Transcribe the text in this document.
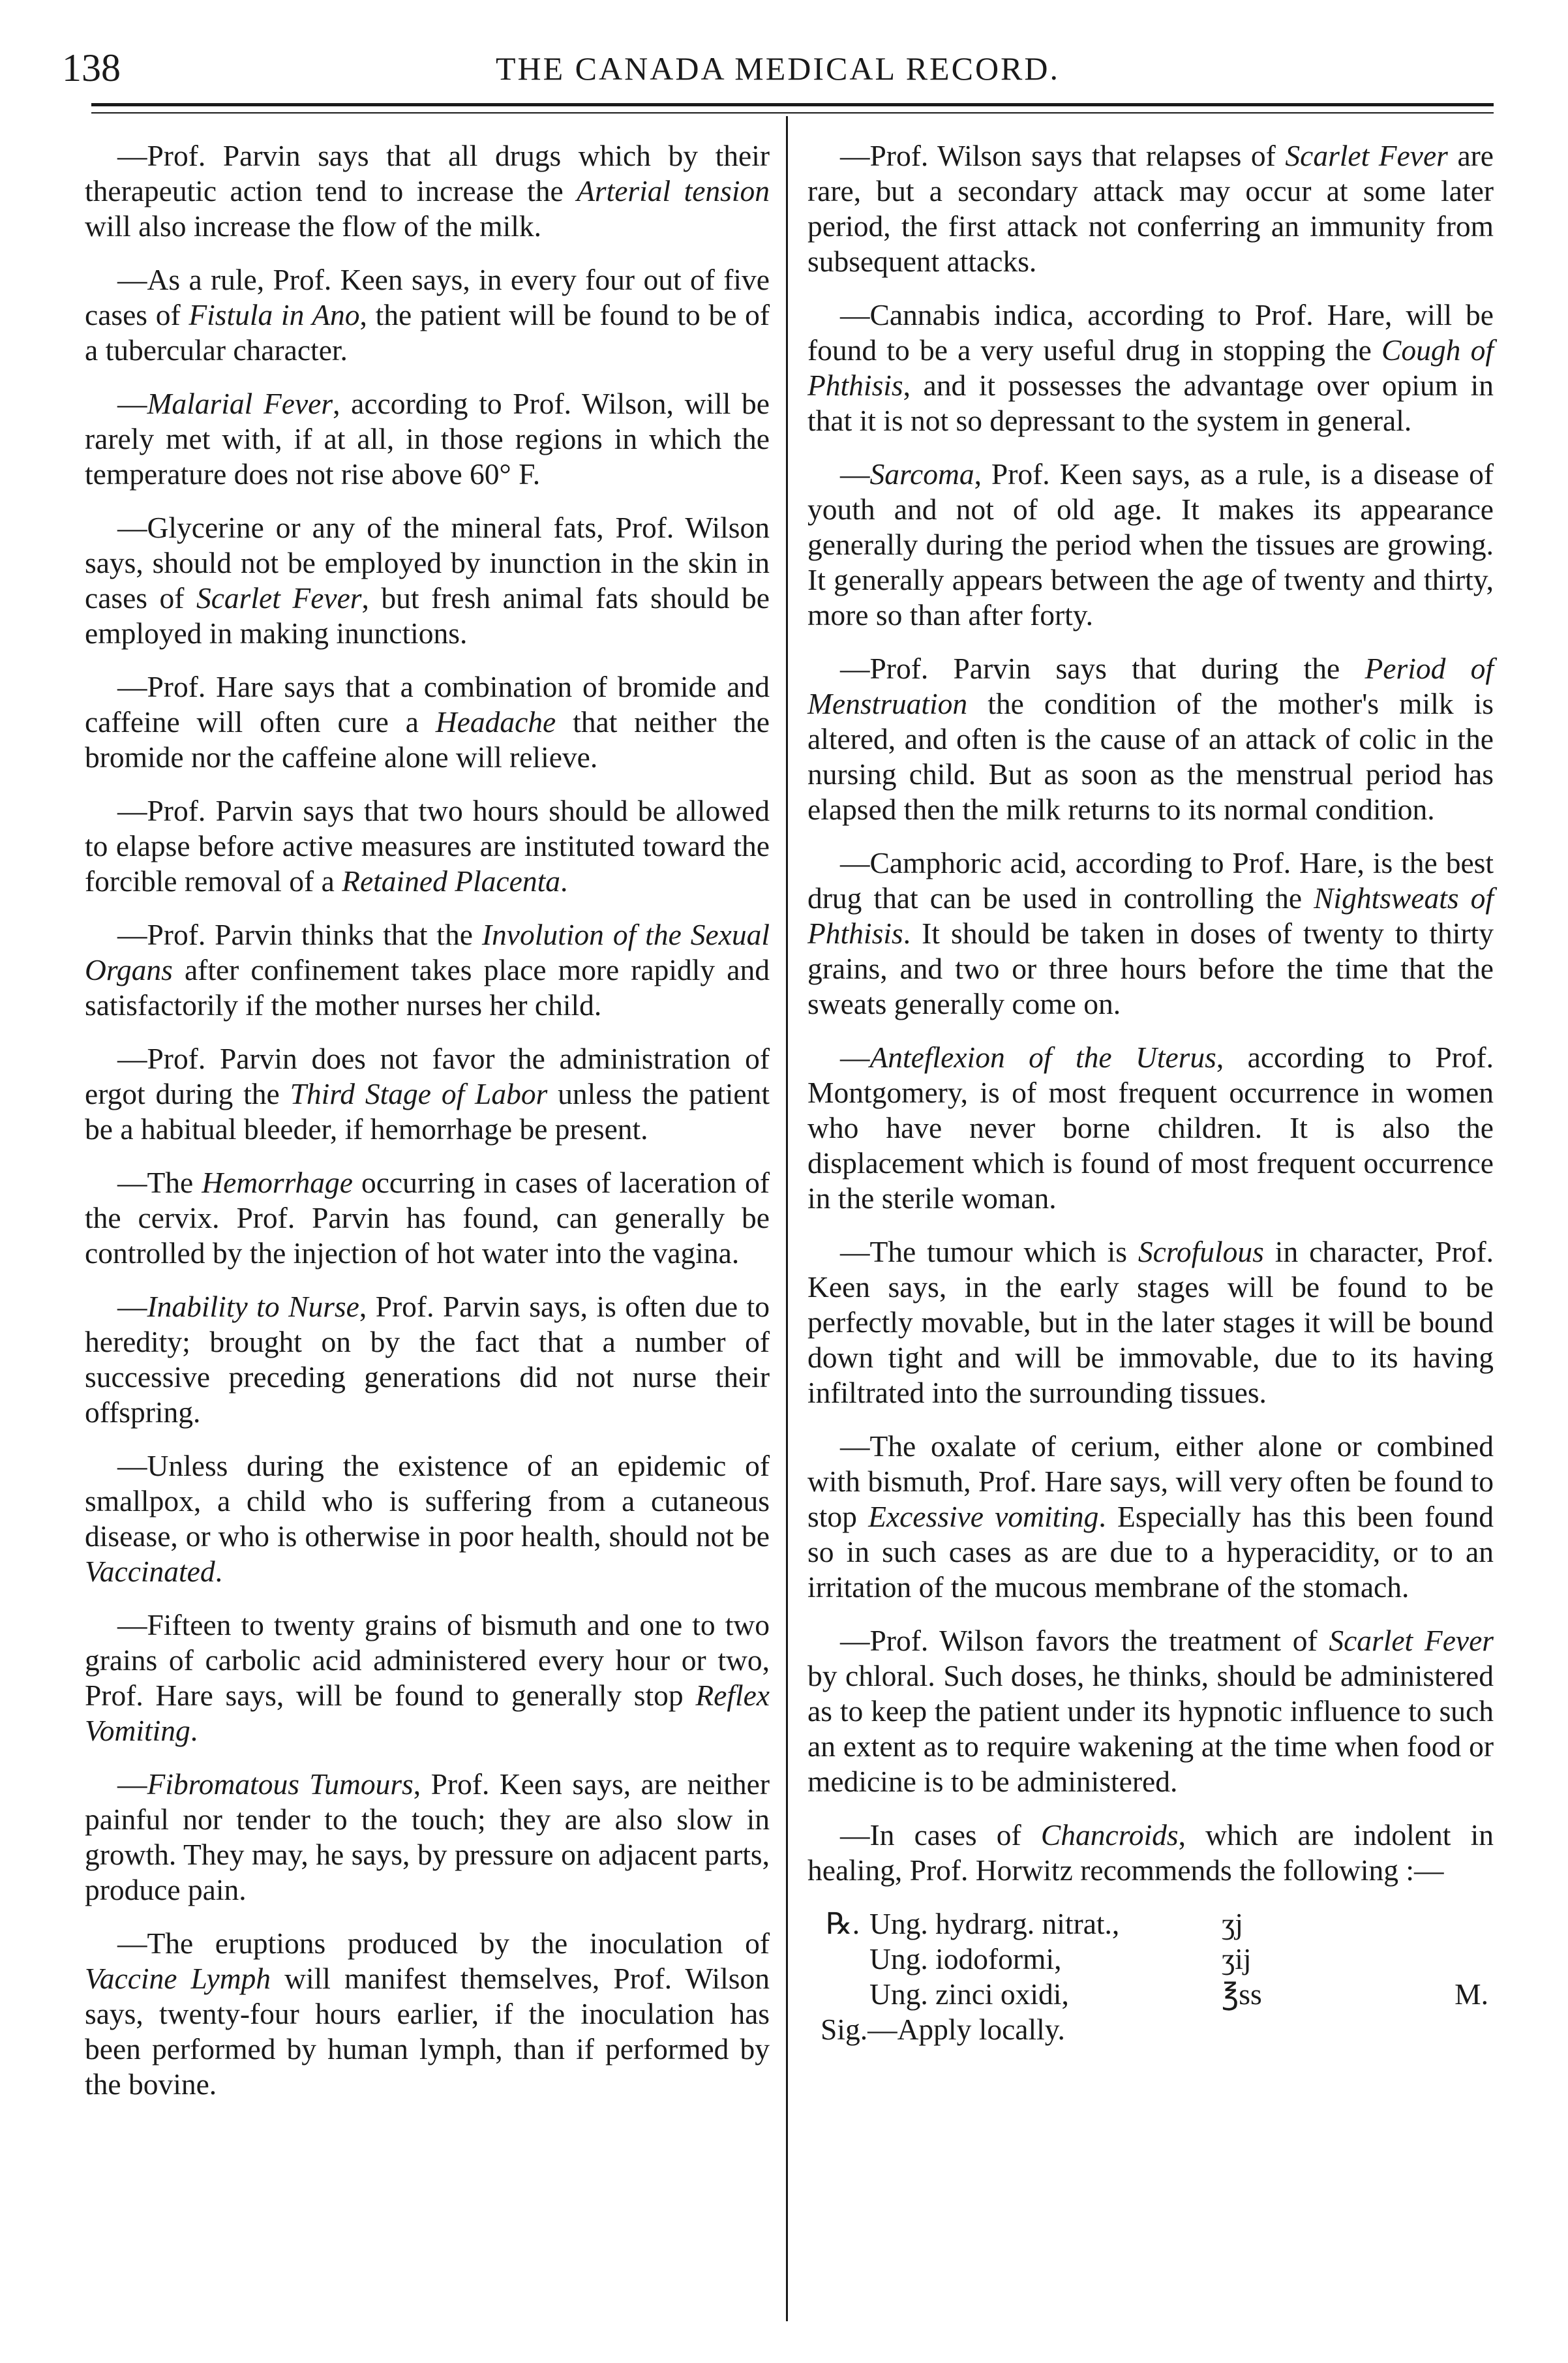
138	THE CANADA MEDICAL RECORD.

—Prof. Parvin says that all drugs which by their therapeutic action tend to increase the Arterial tension will also increase the flow of the milk.

—As a rule, Prof. Keen says, in every four out of five cases of Fistula in Ano, the patient will be found to be of a tubercular character.

—Malarial Fever, according to Prof. Wilson, will be rarely met with, if at all, in those regions in which the temperature does not rise above 60° F.

—Glycerine or any of the mineral fats, Prof. Wilson says, should not be employed by inunction in the skin in cases of Scarlet Fever, but fresh animal fats should be employed in making inunctions.

—Prof. Hare says that a combination of bromide and caffeine will often cure a Headache that neither the bromide nor the caffeine alone will relieve.

—Prof. Parvin says that two hours should be allowed to elapse before active measures are instituted toward the forcible removal of a Retained Placenta.

—Prof. Parvin thinks that the Involution of the Sexual Organs after confinement takes place more rapidly and satisfactorily if the mother nurses her child.

—Prof. Parvin does not favor the administration of ergot during the Third Stage of Labor unless the patient be a habitual bleeder, if hemorrhage be present.

—The Hemorrhage occurring in cases of laceration of the cervix. Prof. Parvin has found, can generally be controlled by the injection of hot water into the vagina.

—Inability to Nurse, Prof. Parvin says, is often due to heredity; brought on by the fact that a number of successive preceding generations did not nurse their offspring.

—Unless during the existence of an epidemic of smallpox, a child who is suffering from a cutaneous disease, or who is otherwise in poor health, should not be Vaccinated.

—Fifteen to twenty grains of bismuth and one to two grains of carbolic acid administered every hour or two, Prof. Hare says, will be found to generally stop Reflex Vomiting.

—Fibromatous Tumours, Prof. Keen says, are neither painful nor tender to the touch; they are also slow in growth. They may, he says, by pressure on adjacent parts, produce pain.

—The eruptions produced by the inoculation of Vaccine Lymph will manifest themselves, Prof. Wilson says, twenty-four hours earlier, if the inoculation has been performed by human lymph, than if performed by the bovine.

—Prof. Wilson says that relapses of Scarlet Fever are rare, but a secondary attack may occur at some later period, the first attack not conferring an immunity from subsequent attacks.

—Cannabis indica, according to Prof. Hare, will be found to be a very useful drug in stopping the Cough of Phthisis, and it possesses the advantage over opium in that it is not so depressant to the system in general.

—Sarcoma, Prof. Keen says, as a rule, is a disease of youth and not of old age. It makes its appearance generally during the period when the tissues are growing. It generally appears between the age of twenty and thirty, more so than after forty.

—Prof. Parvin says that during the Period of Menstruation the condition of the mother's milk is altered, and often is the cause of an attack of colic in the nursing child. But as soon as the menstrual period has elapsed then the milk returns to its normal condition.

—Camphoric acid, according to Prof. Hare, is the best drug that can be used in controlling the Nightsweats of Phthisis. It should be taken in doses of twenty to thirty grains, and two or three hours before the time that the sweats generally come on.

—Anteflexion of the Uterus, according to Prof. Montgomery, is of most frequent occurrence in women who have never borne children. It is also the displacement which is found of most frequent occurrence in the sterile woman.

—The tumour which is Scrofulous in character, Prof. Keen says, in the early stages will be found to be perfectly movable, but in the later stages it will be bound down tight and will be immovable, due to its having infiltrated into the surrounding tissues.

—The oxalate of cerium, either alone or combined with bismuth, Prof. Hare says, will very often be found to stop Excessive vomiting. Especially has this been found so in such cases as are due to a hyperacidity, or to an irritation of the mucous membrane of the stomach.

—Prof. Wilson favors the treatment of Scarlet Fever by chloral. Such doses, he thinks, should be administered as to keep the patient under its hypnotic influence to such an extent as to require wakening at the time when food or medicine is to be administered.

—In cases of Chancroids, which are indolent in healing, Prof. Horwitz recommends the following :—

℞. Ung. hydrarg. nitrat.,	ʒj
Ung. iodoformi,	ʒij
Ung. zinci oxidi,	℥ss	M.
Sig.—Apply locally.
